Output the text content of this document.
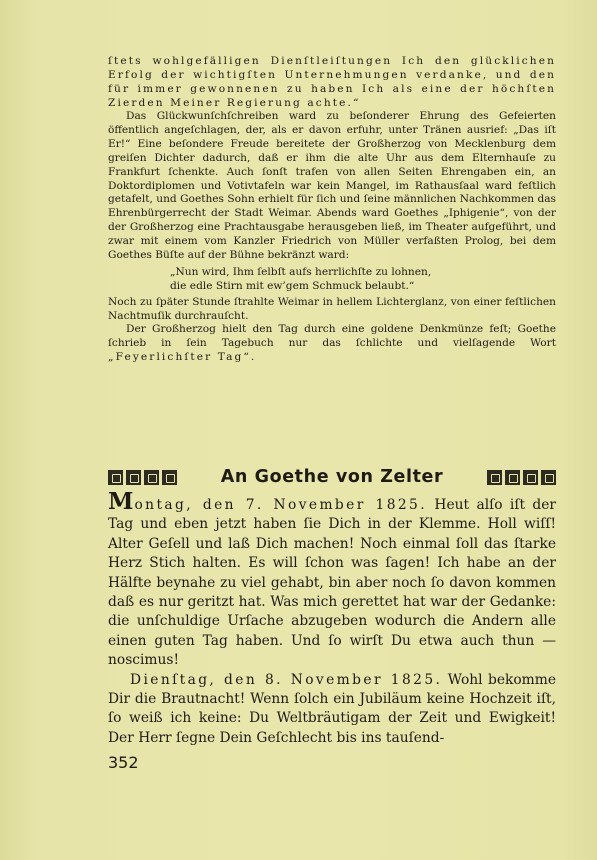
ſtets wohlgefälligen Dienſtleiſtungen Ich den glücklichen Erfolg der wichtigſten Unternehmungen verdanke, und den für immer gewonnenen zu haben Ich als eine der höchſten Zierden Meiner Regierung achte.“

Das Glückwunſchſchreiben ward zu beſonderer Ehrung des Gefeierten öffentlich angeſchlagen, der, als er davon erfuhr, unter Tränen ausrief: „Das iſt Er!“ Eine beſondere Freude bereitete der Großherzog von Mecklenburg dem greiſen Dichter dadurch, daß er ihm die alte Uhr aus dem Elternhauſe zu Frankfurt ſchenkte. Auch ſonſt trafen von allen Seiten Ehrengaben ein, an Doktordiplomen und Votivtafeln war kein Mangel, im Rathausſaal ward feſtlich getafelt, und Goethes Sohn erhielt für ſich und ſeine männlichen Nachkommen das Ehrenbürgerrecht der Stadt Weimar. Abends ward Goethes „Iphigenie“, von der der Großherzog eine Prachtausgabe herausgeben ließ, im Theater aufgeführt, und zwar mit einem vom Kanzler Friedrich von Müller verfaßten Prolog, bei dem Goethes Büſte auf der Bühne bekränzt ward:

„Nun wird, Ihm ſelbſt aufs herrlichſte zu lohnen,
die edle Stirn mit ew’gem Schmuck belaubt.“

Noch zu ſpäter Stunde ſtrahlte Weimar in hellem Lichterglanz, von einer feſtlichen Nachtmuſik durchrauſcht.

Der Großherzog hielt den Tag durch eine goldene Denkmünze feſt; Goethe ſchrieb in ſein Tagebuch nur das ſchlichte und vielſagende Wort „Feyerlichſter Tag“.

An Goethe von Zelter

Montag, den 7. November 1825. Heut alſo iſt der Tag und eben jetzt haben ſie Dich in der Klemme. Holl wiſſ! Alter Geſell und laß Dich machen! Noch einmal ſoll das ſtarke Herz Stich halten. Es will ſchon was ſagen! Ich habe an der Hälfte beynahe zu viel gehabt, bin aber noch ſo davon kommen daß es nur geritzt hat. Was mich gerettet hat war der Gedanke: die unſchuldige Urſache abzugeben wodurch die Andern alle einen guten Tag haben. Und ſo wirſt Du etwa auch thun — noscimus!

Dienſtag, den 8. November 1825. Wohl bekomme Dir die Brautnacht! Wenn ſolch ein Jubiläum keine Hochzeit iſt, ſo weiß ich keine: Du Weltbräutigam der Zeit und Ewigkeit! Der Herr ſegne Dein Geſchlecht bis ins tauſend-

352
